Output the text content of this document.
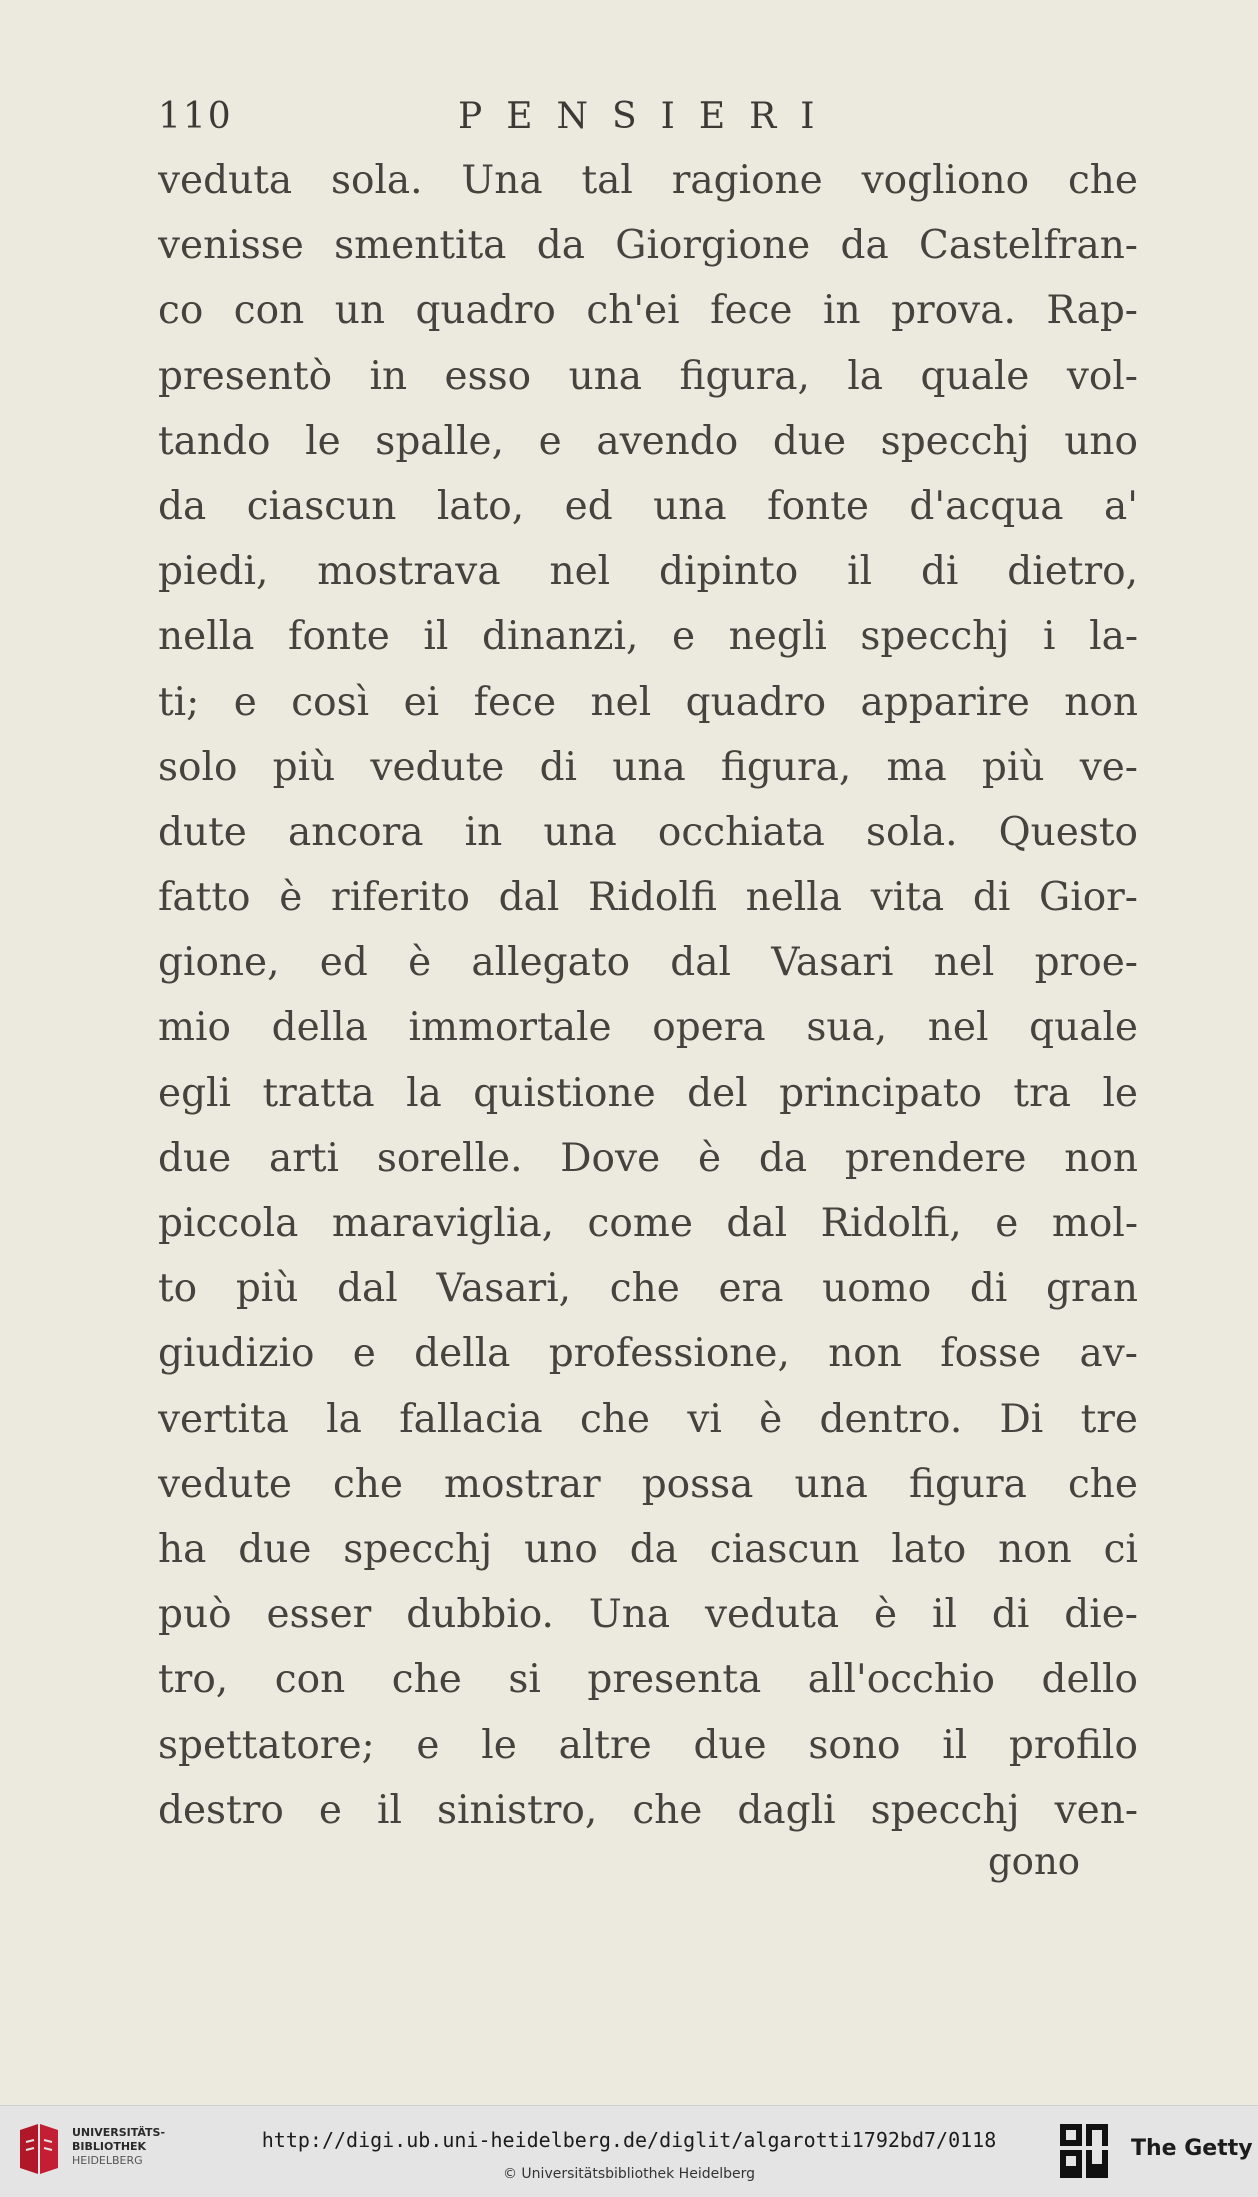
110	PENSIERI
veduta sola. Una tal ragione vogliono che
venisse smentita da Giorgione da Castelfran-
co con un quadro ch'ei fece in prova. Rap-
presentò in esso una figura, la quale vol-
tando le spalle, e avendo due specchj uno
da ciascun lato, ed una fonte d'acqua a'
piedi, mostrava nel dipinto il di dietro,
nella fonte il dinanzi, e negli specchj i la-
ti; e così ei fece nel quadro apparire non
solo più vedute di una figura, ma più ve-
dute ancora in una occhiata sola. Questo
fatto è riferito dal Ridolfi nella vita di Gior-
gione, ed è allegato dal Vasari nel proe-
mio della immortale opera sua, nel quale
egli tratta la quistione del principato tra le
due arti sorelle. Dove è da prendere non
piccola maraviglia, come dal Ridolfi, e mol-
to più dal Vasari, che era uomo di gran
giudizio e della professione, non fosse av-
vertita la fallacia che vi è dentro. Di tre
vedute che mostrar possa una figura che
ha due specchj uno da ciascun lato non ci
può esser dubbio. Una veduta è il di die-
tro, con che si presenta all'occhio dello
spettatore; e le altre due sono il profilo
destro e il sinistro, che dagli specchj ven-
gono
UNIVERSITÄTS-
BIBLIOTHEK
HEIDELBERG
http://digi.ub.uni-heidelberg.de/diglit/algarotti1792bd7/0118
© Universitätsbibliothek Heidelberg
The Getty
